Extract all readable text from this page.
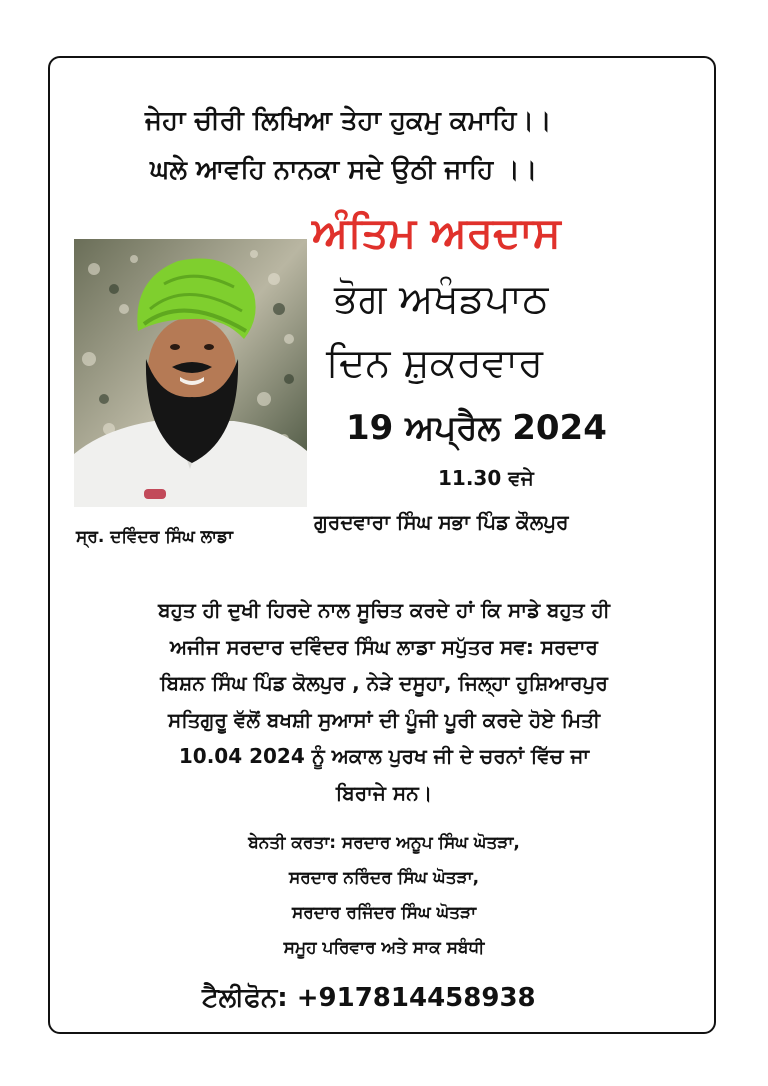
ਜੇਹਾ ਚੀਰੀ ਲਿਖਿਆ ਤੇਹਾ ਹੁਕਮੁ ਕਮਾਹਿ।।
ਘਲੇ ਆਵਹਿ ਨਾਨਕਾ ਸਦੇ ਉਠੀ ਜਾਹਿ ।।
ਅੰਤਿਮ ਅਰਦਾਸ
ਭੋਗ ਅਖੰਡਪਾਠ
ਦਿਨ ਸ਼ੁਕਰਵਾਰ
19 ਅਪ੍ਰੈਲ 2024
11.30 ਵਜੇ
ਗੁਰਦਵਾਰਾ ਸਿੰਘ ਸਭਾ ਪਿੰਡ ਕੌਲਪੁਰ
ਸ੍ਰ. ਦਵਿੰਦਰ ਸਿੰਘ ਲਾਡਾ
ਬਹੁਤ ਹੀ ਦੁਖੀ ਹਿਰਦੇ ਨਾਲ ਸੂਚਿਤ ਕਰਦੇ ਹਾਂ ਕਿ ਸਾਡੇ ਬਹੁਤ ਹੀ
ਅਜੀਜ ਸਰਦਾਰ ਦਵਿੰਦਰ ਸਿੰਘ ਲਾਡਾ ਸਪੁੱਤਰ ਸਵ: ਸਰਦਾਰ
ਬਿਸ਼ਨ ਸਿੰਘ ਪਿੰਡ ਕੋਲਪੁਰ , ਨੇੜੇ ਦਸੂਹਾ, ਜਿਲ੍ਹਾ ਹੁਸ਼ਿਆਰਪੁਰ
ਸਤਿਗੁਰੂ ਵੱਲੋਂ ਬਖਸ਼ੀ ਸੁਆਸਾਂ ਦੀ ਪੂੰਜੀ ਪੂਰੀ ਕਰਦੇ ਹੋਏ ਮਿਤੀ
10.04 2024 ਨੂੰ ਅਕਾਲ ਪੁਰਖ ਜੀ ਦੇ ਚਰਨਾਂ ਵਿੱਚ ਜਾ
ਬਿਰਾਜੇ ਸਨ।
ਬੇਨਤੀ ਕਰਤਾ: ਸਰਦਾਰ ਅਨੂਪ ਸਿੰਘ ਘੋਤੜਾ,
ਸਰਦਾਰ ਨਰਿੰਦਰ ਸਿੰਘ ਘੋਤੜਾ,
ਸਰਦਾਰ ਰਜਿੰਦਰ ਸਿੰਘ ਘੋਤੜਾ
ਸਮੂਹ ਪਰਿਵਾਰ ਅਤੇ ਸਾਕ ਸਬੰਧੀ
ਟੈਲੀਫੋਨ: +917814458938
